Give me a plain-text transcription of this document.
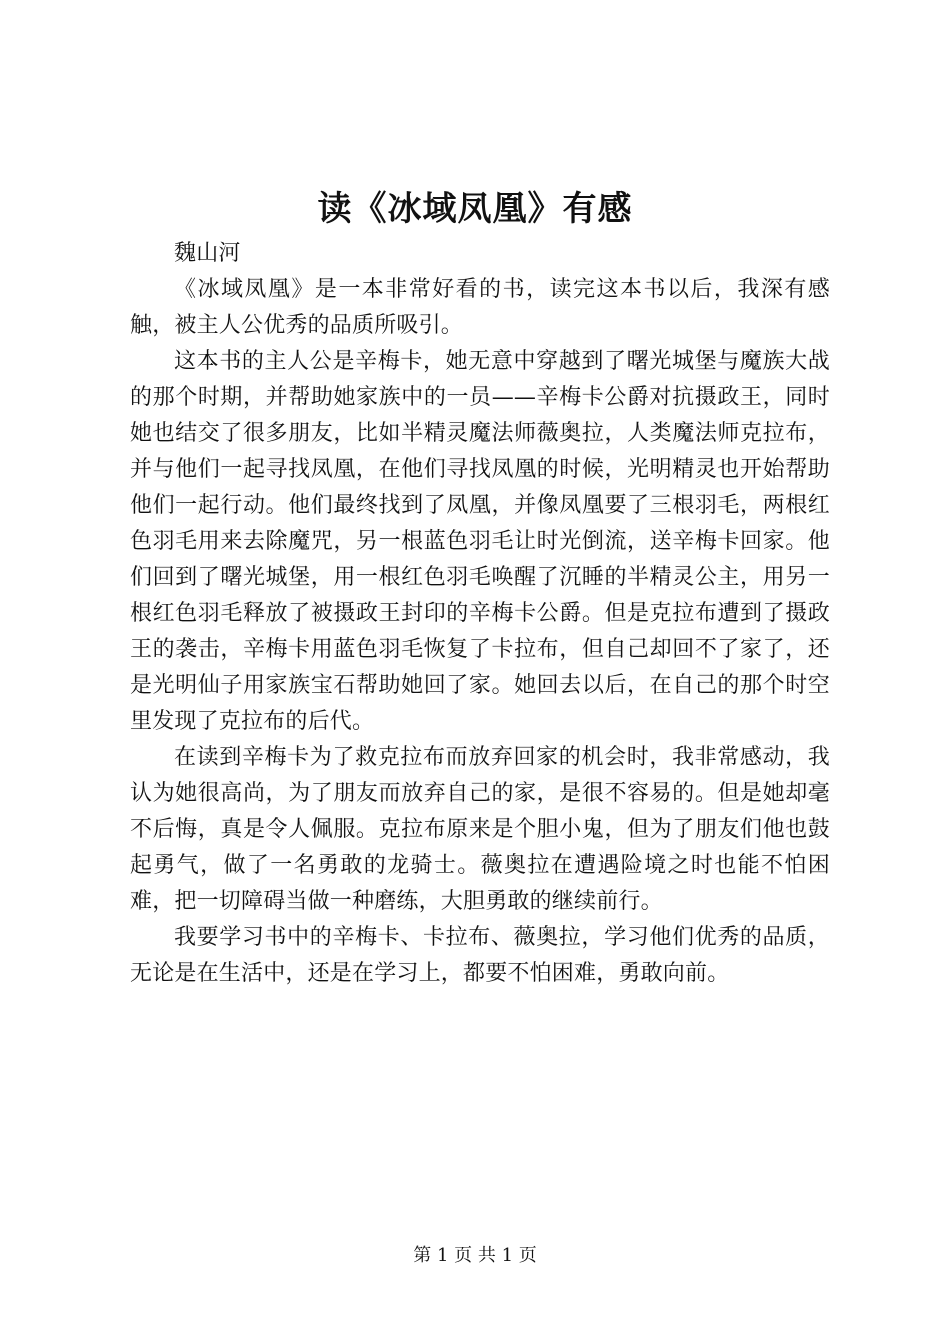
读《冰域凤凰》有感

魏山河

《冰域凤凰》是一本非常好看的书，读完这本书以后，我深有感触，被主人公优秀的品质所吸引。

这本书的主人公是辛梅卡，她无意中穿越到了曙光城堡与魔族大战的那个时期，并帮助她家族中的一员——辛梅卡公爵对抗摄政王，同时她也结交了很多朋友，比如半精灵魔法师薇奥拉，人类魔法师克拉布，并与他们一起寻找凤凰，在他们寻找凤凰的时候，光明精灵也开始帮助他们一起行动。他们最终找到了凤凰，并像凤凰要了三根羽毛，两根红色羽毛用来去除魔咒，另一根蓝色羽毛让时光倒流，送辛梅卡回家。他们回到了曙光城堡，用一根红色羽毛唤醒了沉睡的半精灵公主，用另一根红色羽毛释放了被摄政王封印的辛梅卡公爵。但是克拉布遭到了摄政王的袭击，辛梅卡用蓝色羽毛恢复了卡拉布，但自己却回不了家了，还是光明仙子用家族宝石帮助她回了家。她回去以后，在自己的那个时空里发现了克拉布的后代。

在读到辛梅卡为了救克拉布而放弃回家的机会时，我非常感动，我认为她很高尚，为了朋友而放弃自己的家，是很不容易的。但是她却毫不后悔，真是令人佩服。克拉布原来是个胆小鬼，但为了朋友们他也鼓起勇气，做了一名勇敢的龙骑士。薇奥拉在遭遇险境之时也能不怕困难，把一切障碍当做一种磨练，大胆勇敢的继续前行。

我要学习书中的辛梅卡、卡拉布、薇奥拉，学习他们优秀的品质，无论是在生活中，还是在学习上，都要不怕困难，勇敢向前。

第 1 页 共 1 页
